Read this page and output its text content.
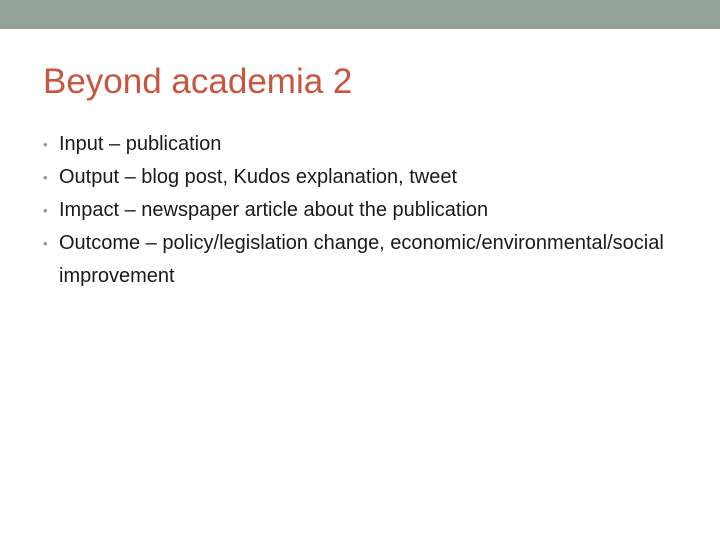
Beyond academia 2
• Input – publication
• Output – blog post, Kudos explanation, tweet
• Impact – newspaper article about the publication
• Outcome – policy/legislation change, economic/environmental/social improvement
